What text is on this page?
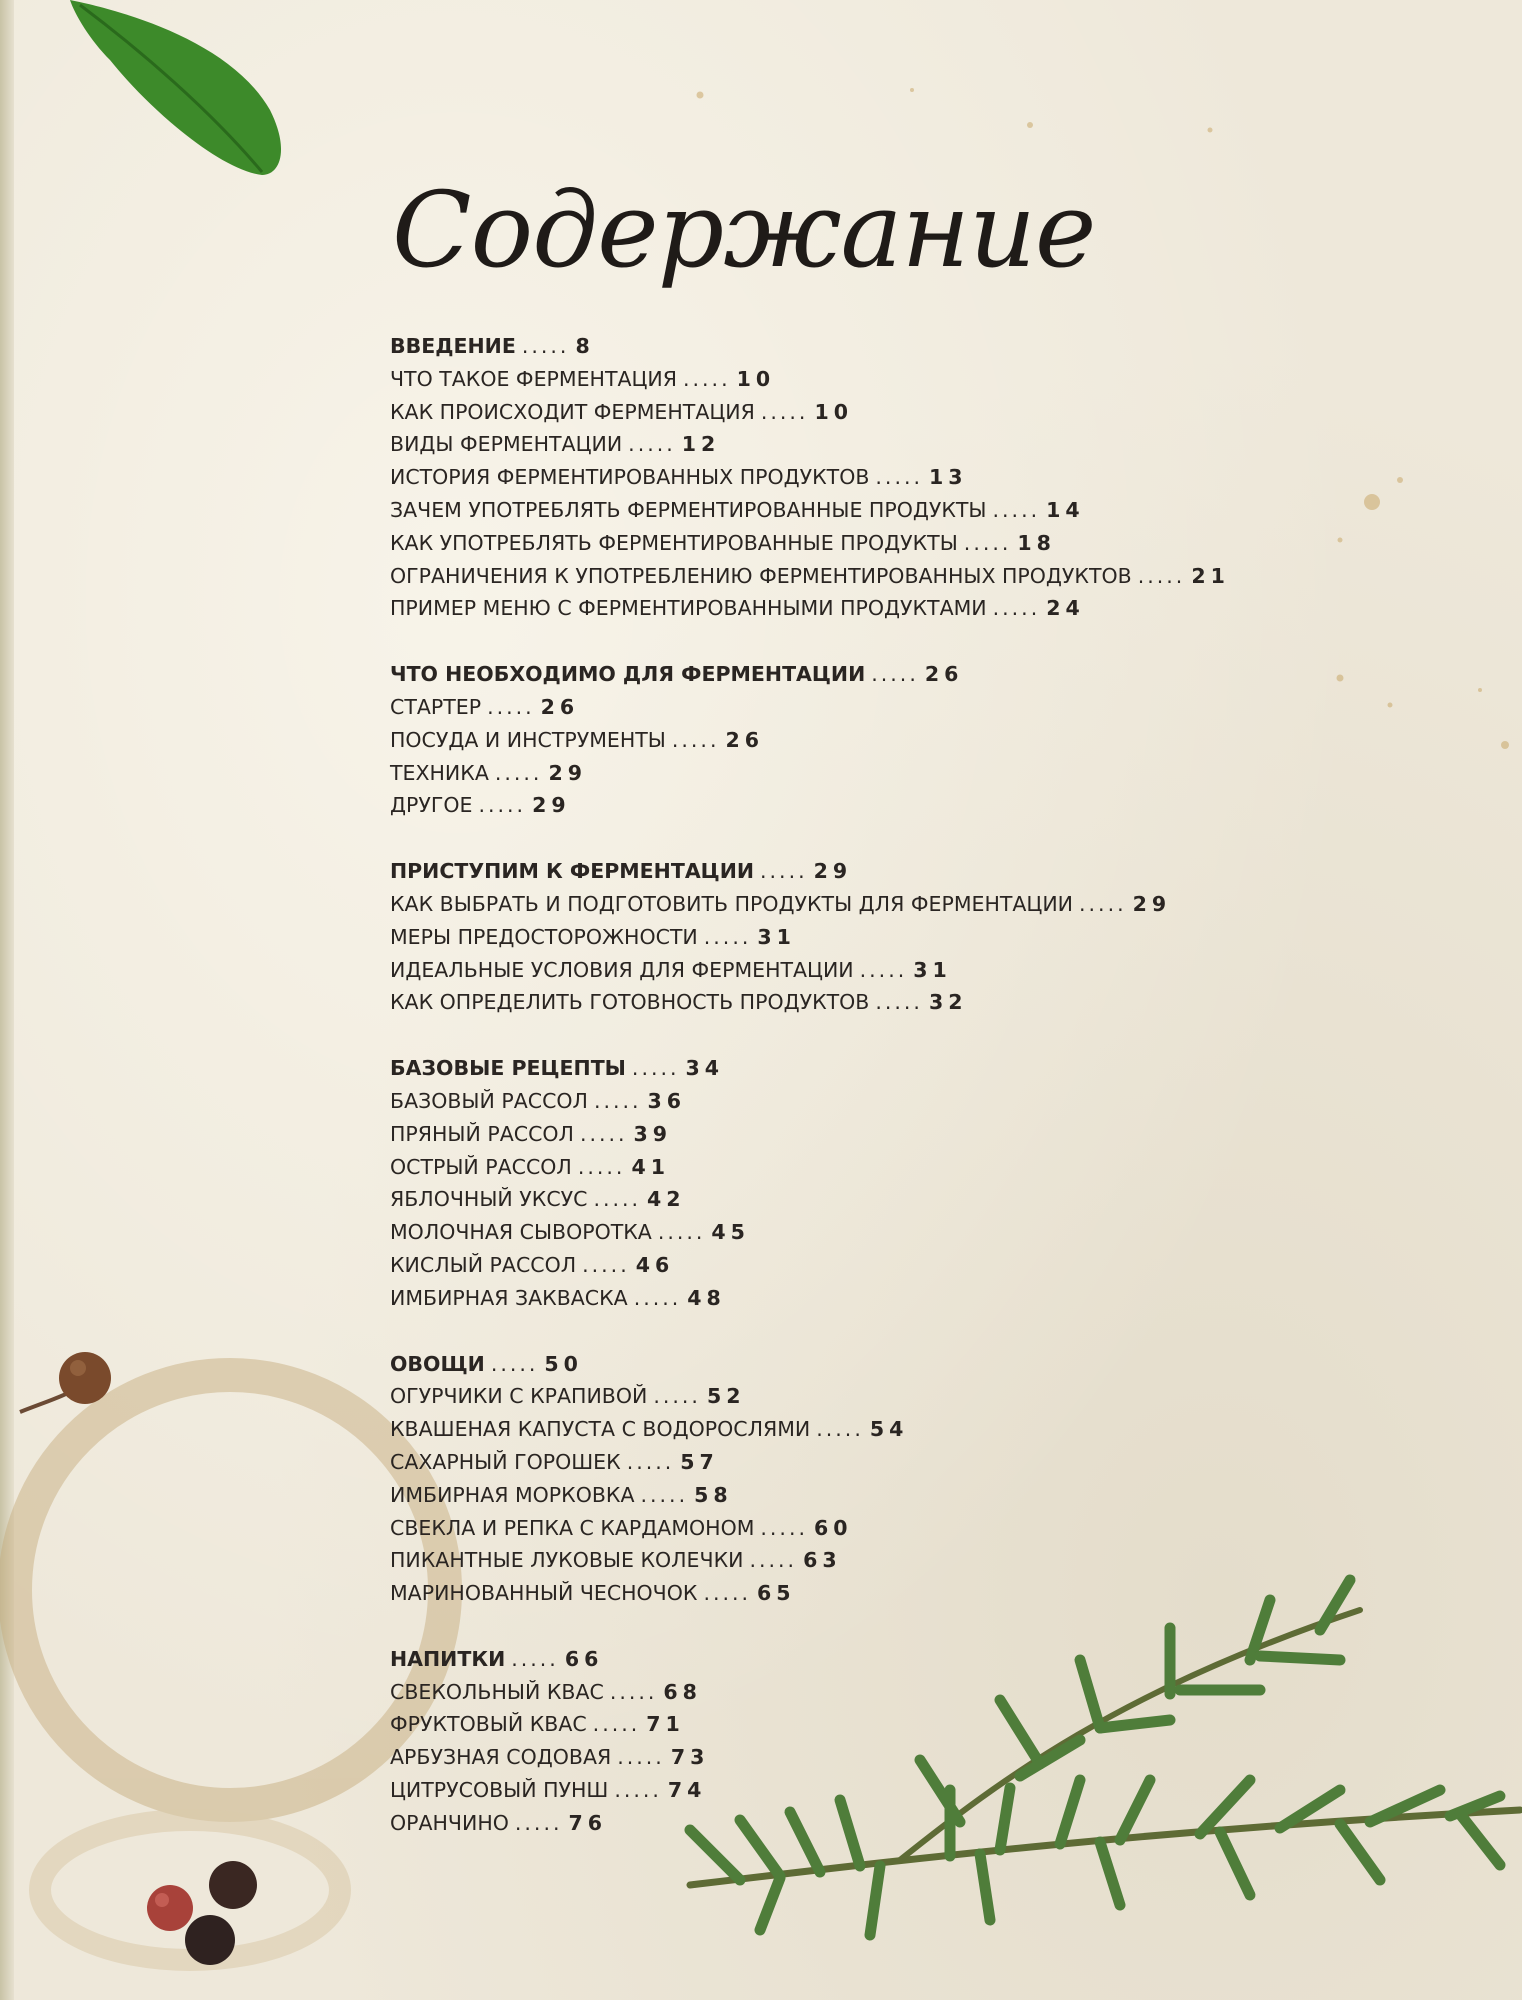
Содержание
ВВЕДЕНИЕ ..... 8
ЧТО ТАКОЕ ФЕРМЕНТАЦИЯ ..... 10
КАК ПРОИСХОДИТ ФЕРМЕНТАЦИЯ ..... 10
ВИДЫ ФЕРМЕНТАЦИИ ..... 12
ИСТОРИЯ ФЕРМЕНТИРОВАННЫХ ПРОДУКТОВ ..... 13
ЗАЧЕМ УПОТРЕБЛЯТЬ ФЕРМЕНТИРОВАННЫЕ ПРОДУКТЫ ..... 14
КАК УПОТРЕБЛЯТЬ ФЕРМЕНТИРОВАННЫЕ ПРОДУКТЫ ..... 18
ОГРАНИЧЕНИЯ К УПОТРЕБЛЕНИЮ ФЕРМЕНТИРОВАННЫХ ПРОДУКТОВ ..... 21
ПРИМЕР МЕНЮ С ФЕРМЕНТИРОВАННЫМИ ПРОДУКТАМИ ..... 24
ЧТО НЕОБХОДИМО ДЛЯ ФЕРМЕНТАЦИИ ..... 26
СТАРТЕР ..... 26
ПОСУДА И ИНСТРУМЕНТЫ ..... 26
ТЕХНИКА ..... 29
ДРУГОЕ ..... 29
ПРИСТУПИМ К ФЕРМЕНТАЦИИ ..... 29
КАК ВЫБРАТЬ И ПОДГОТОВИТЬ ПРОДУКТЫ ДЛЯ ФЕРМЕНТАЦИИ ..... 29
МЕРЫ ПРЕДОСТОРОЖНОСТИ ..... 31
ИДЕАЛЬНЫЕ УСЛОВИЯ ДЛЯ ФЕРМЕНТАЦИИ ..... 31
КАК ОПРЕДЕЛИТЬ ГОТОВНОСТЬ ПРОДУКТОВ ..... 32
БАЗОВЫЕ РЕЦЕПТЫ ..... 34
БАЗОВЫЙ РАССОЛ ..... 36
ПРЯНЫЙ РАССОЛ ..... 39
ОСТРЫЙ РАССОЛ ..... 41
ЯБЛОЧНЫЙ УКСУС ..... 42
МОЛОЧНАЯ СЫВОРОТКА ..... 45
КИСЛЫЙ РАССОЛ ..... 46
ИМБИРНАЯ ЗАКВАСКА ..... 48
ОВОЩИ ..... 50
ОГУРЧИКИ С КРАПИВОЙ ..... 52
КВАШЕНАЯ КАПУСТА С ВОДОРОСЛЯМИ ..... 54
САХАРНЫЙ ГОРОШЕК ..... 57
ИМБИРНАЯ МОРКОВКА ..... 58
СВЕКЛА И РЕПКА С КАРДАМОНОМ ..... 60
ПИКАНТНЫЕ ЛУКОВЫЕ КОЛЕЧКИ ..... 63
МАРИНОВАННЫЙ ЧЕСНОЧОК ..... 65
НАПИТКИ ..... 66
СВЕКОЛЬНЫЙ КВАС ..... 68
ФРУКТОВЫЙ КВАС ..... 71
АРБУЗНАЯ СОДОВАЯ ..... 73
ЦИТРУСОВЫЙ ПУНШ ..... 74
ОРАНЧИНО ..... 76
